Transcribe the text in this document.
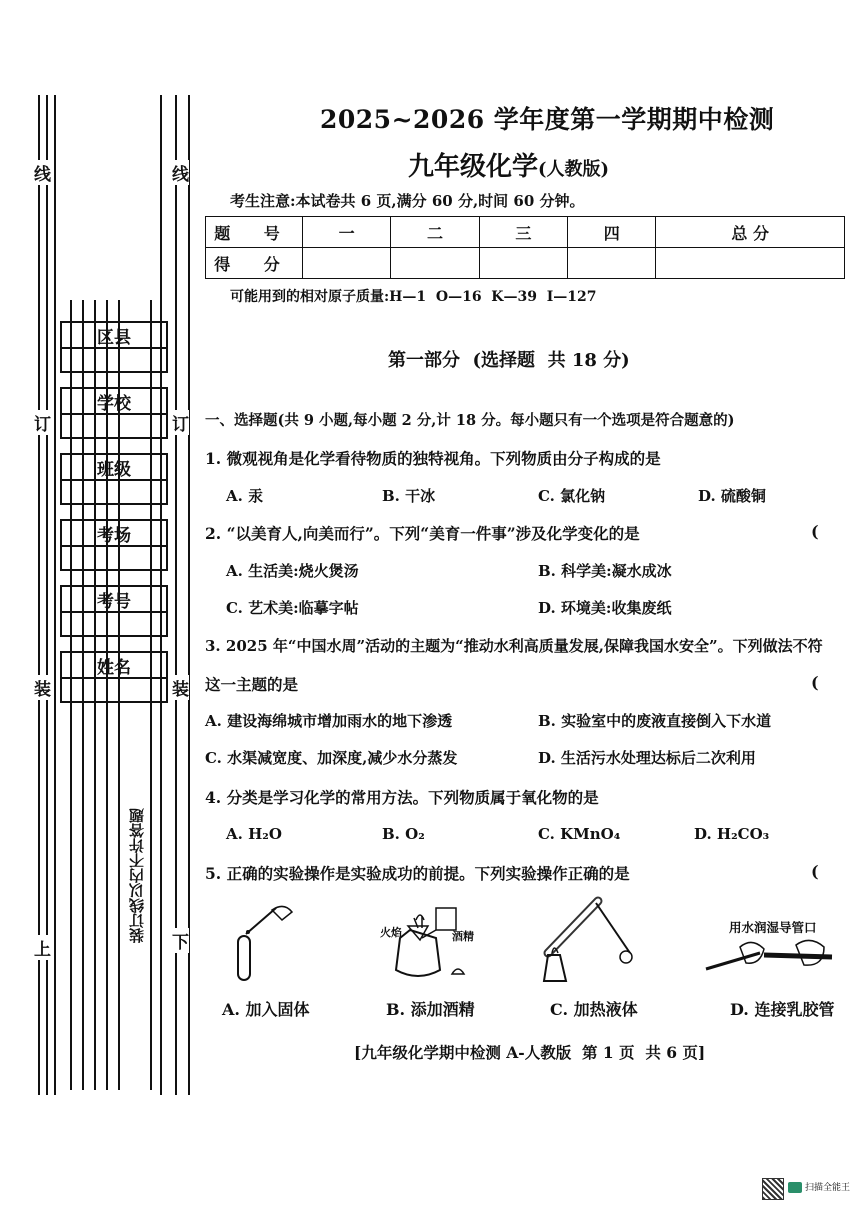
线
订
装
上
线
订
装
下
装订线以内不许答题
区县
学校
班级
考场
考号
姓名
2025~2026 学年度第一学期期中检测
九年级化学(人教版)
考生注意:本试卷共 6 页,满分 60 分,时间 60 分钟。
题 号	一	二	三	四	总 分
得 分					
可能用到的相对原子质量:H—1  O—16  K—39  I—127
第一部分  (选择题  共 18 分)
一、选择题(共 9 小题,每小题 2 分,计 18 分。每小题只有一个选项是符合题意的)
1. 微观视角是化学看待物质的独特视角。下列物质由分子构成的是
A. 汞	B. 干冰	C. 氯化钠	D. 硫酸铜
2. “以美育人,向美而行”。下列“美育一件事”涉及化学变化的是	(
A. 生活美:烧火煲汤	B. 科学美:凝水成冰
C. 艺术美:临摹字帖	D. 环境美:收集废纸
3. 2025 年“中国水周”活动的主题为“推动水利高质量发展,保障我国水安全”。下列做法不符
这一主题的是	(
A. 建设海绵城市增加雨水的地下渗透	B. 实验室中的废液直接倒入下水道
C. 水渠减宽度、加深度,减少水分蒸发	D. 生活污水处理达标后二次利用
4. 分类是学习化学的常用方法。下列物质属于氧化物的是
A. H₂O	B. O₂	C. KMnO₄	D. H₂CO₃
5. 正确的实验操作是实验成功的前提。下列实验操作正确的是	(
火焰	酒精
用水润湿导管口
A. 加入固体	B. 添加酒精	C. 加热液体	D. 连接乳胶管
[九年级化学期中检测 A-人教版  第 1 页  共 6 页]
扫描全能王
